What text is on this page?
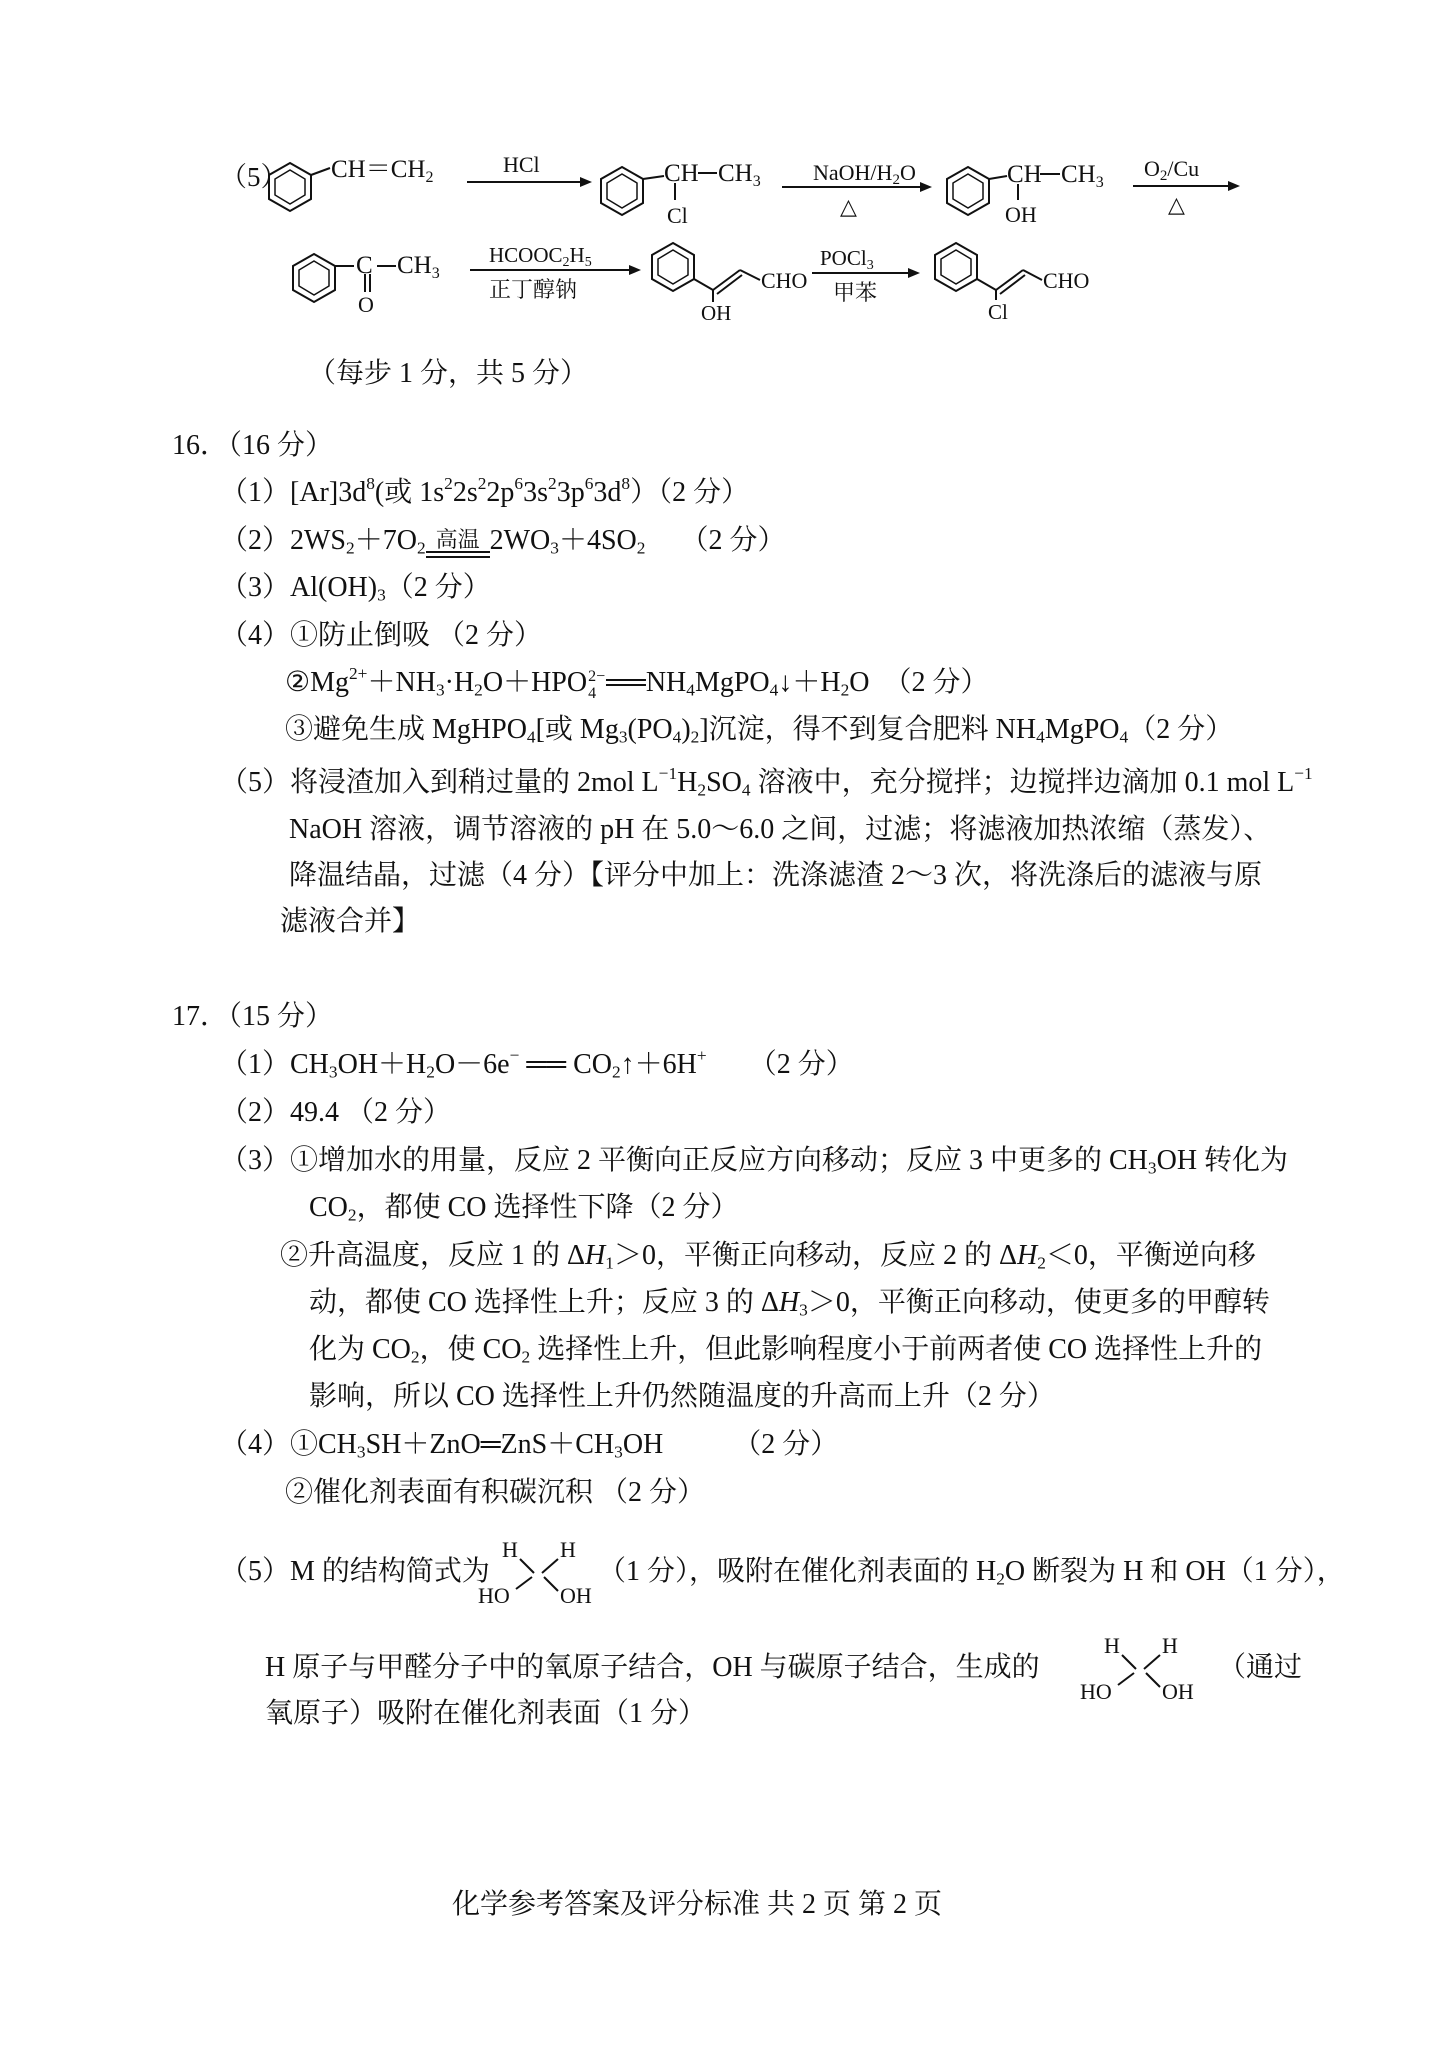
（5） $CH=CH_2$
HCl	CH $CH_3$
Cl
NaOH/H2O
△
CH $CH_3$
OH
O2/Cu
△
C $CH_3$
O
HCOOC2H5
正丁醇钠	CHO
OH
POCl3
甲苯	CHO
Cl
（每步 1 分，共 5 分）
16．（16 分）
$(1)[Ar]3d^8$(或 $1s^22s^22p^63s^23p^63d^8)(2$ 分）
$(2)2WS_2+7O_2$ 高温 $2WO_3+4SO_2$　 （2 分）
$(3)Al(OH)_3(2$ 分）
（4）①防止倒吸 （2 分）
$②Mg^{2+}+NH_3\cdot H_2O+HPO$ 2−
4 $══NH_4MgPO_4↓+H_2O$　（2 分）
③避免生成 MgHPO$_4$[或 $Mg_3(PO_4)_2$]沉淀，得不到复合肥料 $NH_4MgPO_4(2$ 分）
（5）将浸渣加入到稍过量的 2mol $L^{-1}H_2SO_4$ 溶液中，充分搅拌；边搅拌边滴加 0.1 mol $L^{-1}$
NaOH 溶液，调节溶液的 pH 在 5.0～6.0 之间，过滤；将滤液加热浓缩（蒸发）、
降温结晶，过滤（4 分）【评分中加上：洗涤滤渣 2～3 次，将洗涤后的滤液与原
滤液合并】
17．（15 分）
$(1)CH_3OH+H_2O-6e^-$ ══ $CO_2↑+6H^+$　　（2 分）
（2）49.4 （2 分）
（3）①增加水的用量，反应 2 平衡向正反应方向移动；反应 3 中更多的 $CH_3OH$ 转化为
$CO_2$，都使 CO 选择性下降（2 分）
②升高温度，反应 1 的 $\Delta H_1>0$，平衡正向移动，反应 2 的 $\Delta H_2<0$，平衡逆向移
动，都使 CO 选择性上升；反应 3 的 $\Delta H_3>0$，平衡正向移动，使更多的甲醇转
化为 $CO_2$，使 $CO_2$ 选择性上升，但此影响程度小于前两者使 CO 选择性上升的
影响，所以 CO 选择性上升仍然随温度的升高而上升（2 分）
$(4)①CH_3SH+ZnO═ZnS+CH_3OH$　　　（2 分）
②催化剂表面有积碳沉积 （2 分）
（5）M 的结构简式为
H H
HO OH
（1 分），吸附在催化剂表面的 $H_2O$ 断裂为 H 和 OH（1 分），
H 原子与甲醛分子中的氧原子结合，OH 与碳原子结合，生成的
H H
HO OH
（通过
氧原子）吸附在催化剂表面（1 分）
化学参考答案及评分标准 共 2 页 第 2 页
